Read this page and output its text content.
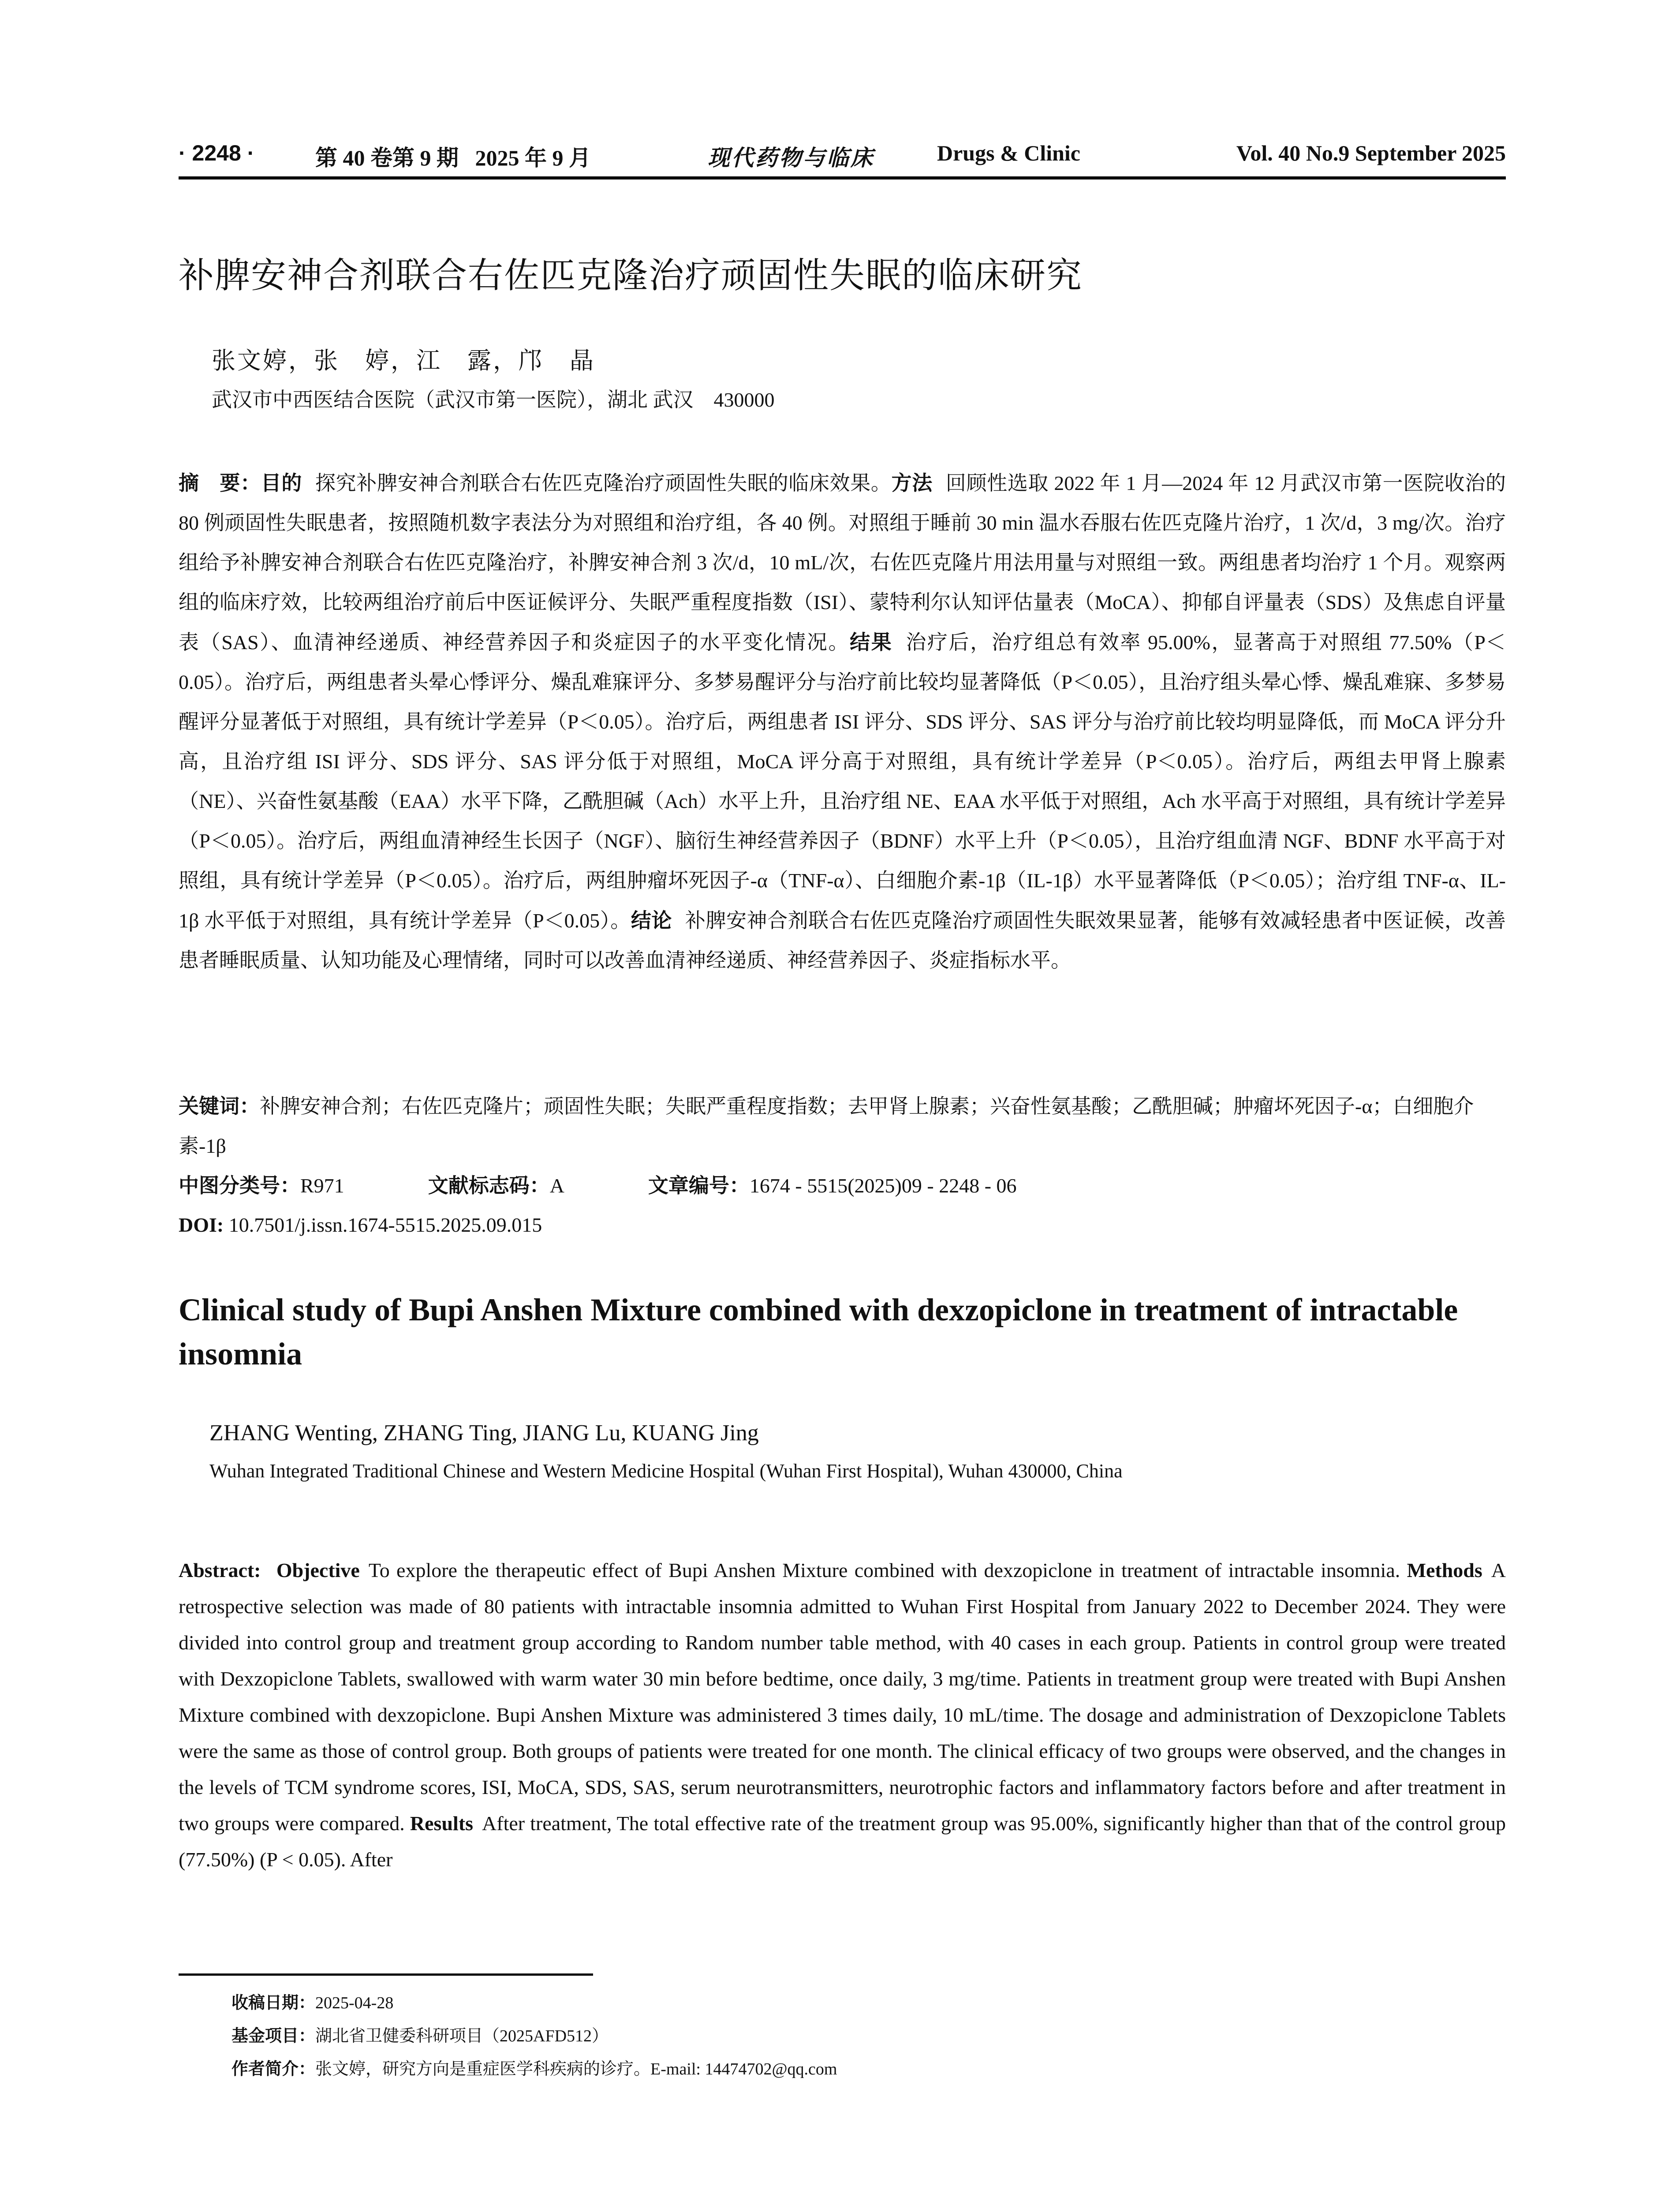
· 2248 ·	第 40 卷第 9 期   2025 年 9 月	现代药物与临床	Drugs & Clinic	Vol. 40 No.9 September 2025
补脾安神合剂联合右佐匹克隆治疗顽固性失眠的临床研究
张文婷，张　婷，江　露，邝　晶
武汉市中西医结合医院（武汉市第一医院），湖北 武汉　430000
摘　要：目的 探究补脾安神合剂联合右佐匹克隆治疗顽固性失眠的临床效果。方法 回顾性选取 2022 年 1 月—2024 年 12 月武汉市第一医院收治的 80 例顽固性失眠患者，按照随机数字表法分为对照组和治疗组，各 40 例。对照组于睡前 30 min 温水吞服右佐匹克隆片治疗，1 次/d，3 mg/次。治疗组给予补脾安神合剂联合右佐匹克隆治疗，补脾安神合剂 3 次/d，10 mL/次，右佐匹克隆片用法用量与对照组一致。两组患者均治疗 1 个月。观察两组的临床疗效，比较两组治疗前后中医证候评分、失眠严重程度指数（ISI）、蒙特利尔认知评估量表（MoCA）、抑郁自评量表（SDS）及焦虑自评量表（SAS）、血清神经递质、神经营养因子和炎症因子的水平变化情况。结果 治疗后，治疗组总有效率 95.00%，显著高于对照组 77.50%（P＜0.05）。治疗后，两组患者头晕心悸评分、燥乱难寐评分、多梦易醒评分与治疗前比较均显著降低（P＜0.05），且治疗组头晕心悸、燥乱难寐、多梦易醒评分显著低于对照组，具有统计学差异（P＜0.05）。治疗后，两组患者 ISI 评分、SDS 评分、SAS 评分与治疗前比较均明显降低，而 MoCA 评分升高，且治疗组 ISI 评分、SDS 评分、SAS 评分低于对照组，MoCA 评分高于对照组，具有统计学差异（P＜0.05）。治疗后，两组去甲肾上腺素（NE）、兴奋性氨基酸（EAA）水平下降，乙酰胆碱（Ach）水平上升，且治疗组 NE、EAA 水平低于对照组，Ach 水平高于对照组，具有统计学差异（P＜0.05）。治疗后，两组血清神经生长因子（NGF）、脑衍生神经营养因子（BDNF）水平上升（P＜0.05），且治疗组血清 NGF、BDNF 水平高于对照组，具有统计学差异（P＜0.05）。治疗后，两组肿瘤坏死因子-α（TNF-α）、白细胞介素-1β（IL-1β）水平显著降低（P＜0.05）；治疗组 TNF-α、IL-1β 水平低于对照组，具有统计学差异（P＜0.05）。结论 补脾安神合剂联合右佐匹克隆治疗顽固性失眠效果显著，能够有效减轻患者中医证候，改善患者睡眠质量、认知功能及心理情绪，同时可以改善血清神经递质、神经营养因子、炎症指标水平。
关键词：补脾安神合剂；右佐匹克隆片；顽固性失眠；失眠严重程度指数；去甲肾上腺素；兴奋性氨基酸；乙酰胆碱；肿瘤坏死因子-α；白细胞介素-1β
中图分类号：R971	文献标志码：A	文章编号：1674 - 5515(2025)09 - 2248 - 06
DOI: 10.7501/j.issn.1674-5515.2025.09.015
Clinical study of Bupi Anshen Mixture combined with dexzopiclone in treatment of intractable insomnia
ZHANG Wenting, ZHANG Ting, JIANG Lu, KUANG Jing
Wuhan Integrated Traditional Chinese and Western Medicine Hospital (Wuhan First Hospital), Wuhan 430000, China
Abstract: Objective To explore the therapeutic effect of Bupi Anshen Mixture combined with dexzopiclone in treatment of intractable insomnia. Methods A retrospective selection was made of 80 patients with intractable insomnia admitted to Wuhan First Hospital from January 2022 to December 2024. They were divided into control group and treatment group according to Random number table method, with 40 cases in each group. Patients in control group were treated with Dexzopiclone Tablets, swallowed with warm water 30 min before bedtime, once daily, 3 mg/time. Patients in treatment group were treated with Bupi Anshen Mixture combined with dexzopiclone. Bupi Anshen Mixture was administered 3 times daily, 10 mL/time. The dosage and administration of Dexzopiclone Tablets were the same as those of control group. Both groups of patients were treated for one month. The clinical efficacy of two groups were observed, and the changes in the levels of TCM syndrome scores, ISI, MoCA, SDS, SAS, serum neurotransmitters, neurotrophic factors and inflammatory factors before and after treatment in two groups were compared. Results After treatment, The total effective rate of the treatment group was 95.00%, significantly higher than that of the control group (77.50%) (P < 0.05). After
收稿日期：2025-04-28
基金项目：湖北省卫健委科研项目（2025AFD512）
作者简介：张文婷，研究方向是重症医学科疾病的诊疗。E-mail: 14474702@qq.com
